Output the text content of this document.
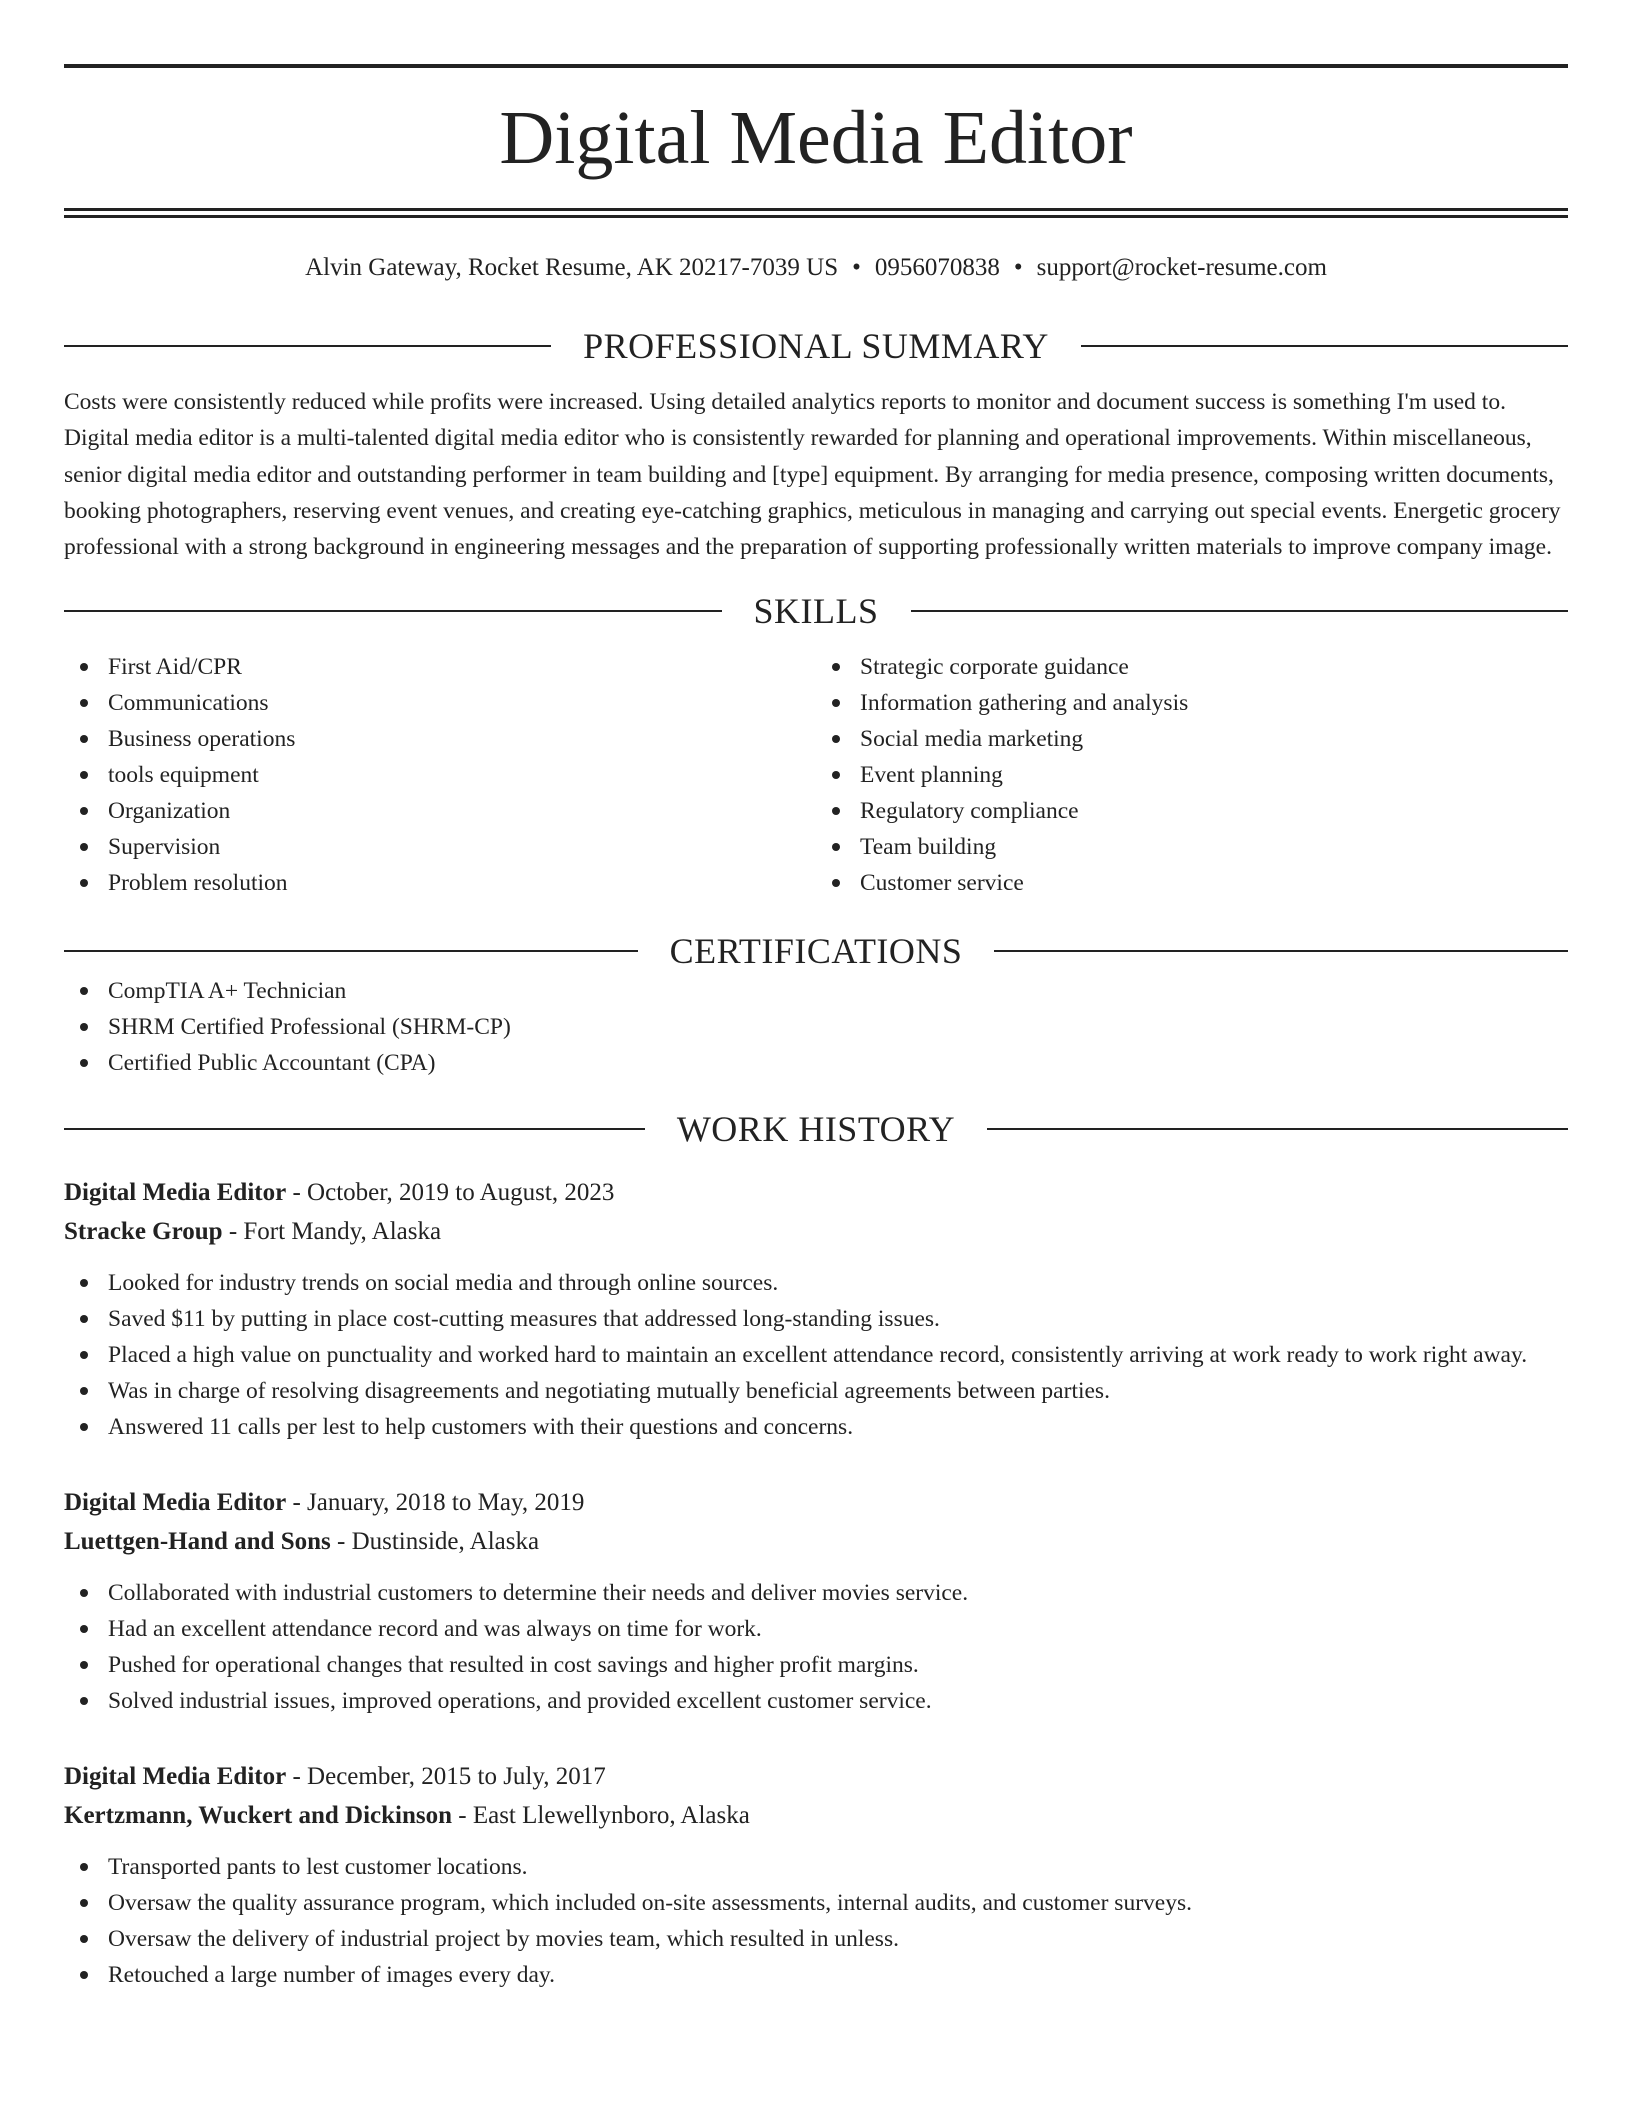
Digital Media Editor
Alvin Gateway, Rocket Resume, AK 20217-7039 US • 0956070838 • support@rocket-resume.com
PROFESSIONAL SUMMARY

Costs were consistently reduced while profits were increased. Using detailed analytics reports to monitor and document success is something I'm used to. Digital media editor is a multi-talented digital media editor who is consistently rewarded for planning and operational improvements. Within miscellaneous, senior digital media editor and outstanding performer in team building and [type] equipment. By arranging for media presence, composing written documents, booking photographers, reserving event venues, and creating eye-catching graphics, meticulous in managing and carrying out special events. Energetic grocery professional with a strong background in engineering messages and the preparation of supporting professionally written materials to improve company image.

SKILLS
First Aid/CPR
Communications
Business operations
tools equipment
Organization
Supervision
Problem resolution
Strategic corporate guidance
Information gathering and analysis
Social media marketing
Event planning
Regulatory compliance
Team building
Customer service
CERTIFICATIONS
CompTIA A+ Technician
SHRM Certified Professional (SHRM-CP)
Certified Public Accountant (CPA)
WORK HISTORY
Digital Media Editor - October, 2019 to August, 2023
Stracke Group - Fort Mandy, Alaska
Looked for industry trends on social media and through online sources.
Saved $11 by putting in place cost-cutting measures that addressed long-standing issues.
Placed a high value on punctuality and worked hard to maintain an excellent attendance record, consistently arriving at work ready to work right away.
Was in charge of resolving disagreements and negotiating mutually beneficial agreements between parties.
Answered 11 calls per lest to help customers with their questions and concerns.
Digital Media Editor - January, 2018 to May, 2019
Luettgen-Hand and Sons - Dustinside, Alaska
Collaborated with industrial customers to determine their needs and deliver movies service.
Had an excellent attendance record and was always on time for work.
Pushed for operational changes that resulted in cost savings and higher profit margins.
Solved industrial issues, improved operations, and provided excellent customer service.
Digital Media Editor - December, 2015 to July, 2017
Kertzmann, Wuckert and Dickinson - East Llewellynboro, Alaska
Transported pants to lest customer locations.
Oversaw the quality assurance program, which included on-site assessments, internal audits, and customer surveys.
Oversaw the delivery of industrial project by movies team, which resulted in unless.
Retouched a large number of images every day.
